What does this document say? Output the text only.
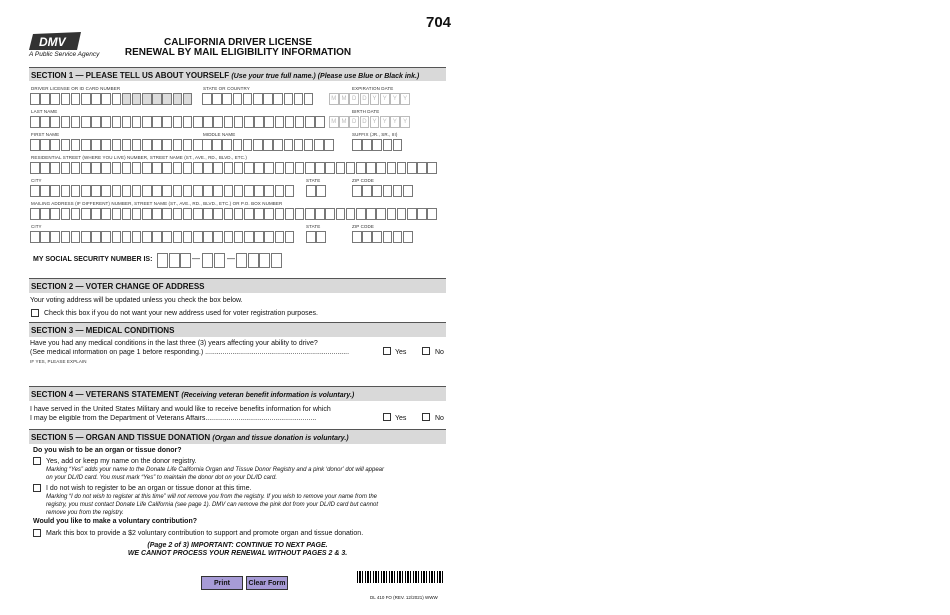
704
DMV
A Public Service Agency
CALIFORNIA DRIVER LICENSE
RENEWAL BY MAIL ELIGIBILITY INFORMATION
SECTION 1 — PLEASE TELL US ABOUT YOURSELF (Use your true full name.) (Please use Blue or Black ink.)
DRIVER LICENSE OR ID CARD NUMBER	STATE OR COUNTRY	EXPIRATION DATE
M M D D	Y	Y	Y	Y
LAST NAME	BIRTH DATE
M M D D	Y	Y	Y	Y
FIRST NAME	MIDDLE NAME	SUFFIX (JR., SR., III)
RESIDENTIAL STREET (WHERE YOU LIVE) NUMBER, STREET NAME (ST., AVE., RD., BLVD., ETC.)
CITY	STATE	ZIP CODE
MAILING ADDRESS (IF DIFFERENT) NUMBER, STREET NAME (ST., AVE., RD., BLVD., ETC.) OR P.O. BOX NUMBER
CITY	STATE	ZIP CODE
MY SOCIAL SECURITY NUMBER IS:	—	—
SECTION 2 — VOTER CHANGE OF ADDRESS
Your voting address will be updated unless you check the box below.
Check this box if you do not want your new address used for voter registration purposes.
SECTION 3 — MEDICAL CONDITIONS
Have you had any medical conditions in the last three (3) years affecting your ability to drive?
(See medical information on page 1 before responding.) ..........................................................................	Yes	No
IF YES, PLEASE EXPLAIN
SECTION 4 — VETERANS STATEMENT (Receiving veteran benefit information is voluntary.)
I have served in the United States Military and would like to receive benefits information for which
I may be eligible from the Department of Veterans Affairs.........................................................	Yes	No
SECTION 5 — ORGAN AND TISSUE DONATION (Organ and tissue donation is voluntary.)
Do you wish to be an organ or tissue donor?
Yes, add or keep my name on the donor registry.
Marking “Yes” adds your name to the Donate Life California Organ and Tissue Donor Registry and a pink ‘donor’ dot will appear
on your DL/ID card. You must mark “Yes” to maintain the donor dot on your DL/ID card.
I do not wish to register to be an organ or tissue donor at this time.
Marking “I do not wish to register at this time” will not remove you from the registry. If you wish to remove your name from the
registry, you must contact Donate Life California (see page 1). DMV can remove the pink dot from your DL/ID card but cannot
remove you from the registry.
Would you like to make a voluntary contribution?
Mark this box to provide a $2 voluntary contribution to support and promote organ and tissue donation.
(Page 2 of 3) IMPORTANT: CONTINUE TO NEXT PAGE.
WE CANNOT PROCESS YOUR RENEWAL WITHOUT PAGES 2 & 3.
Print	Clear Form
DL 410 FO (REV. 12/2021) WWW
